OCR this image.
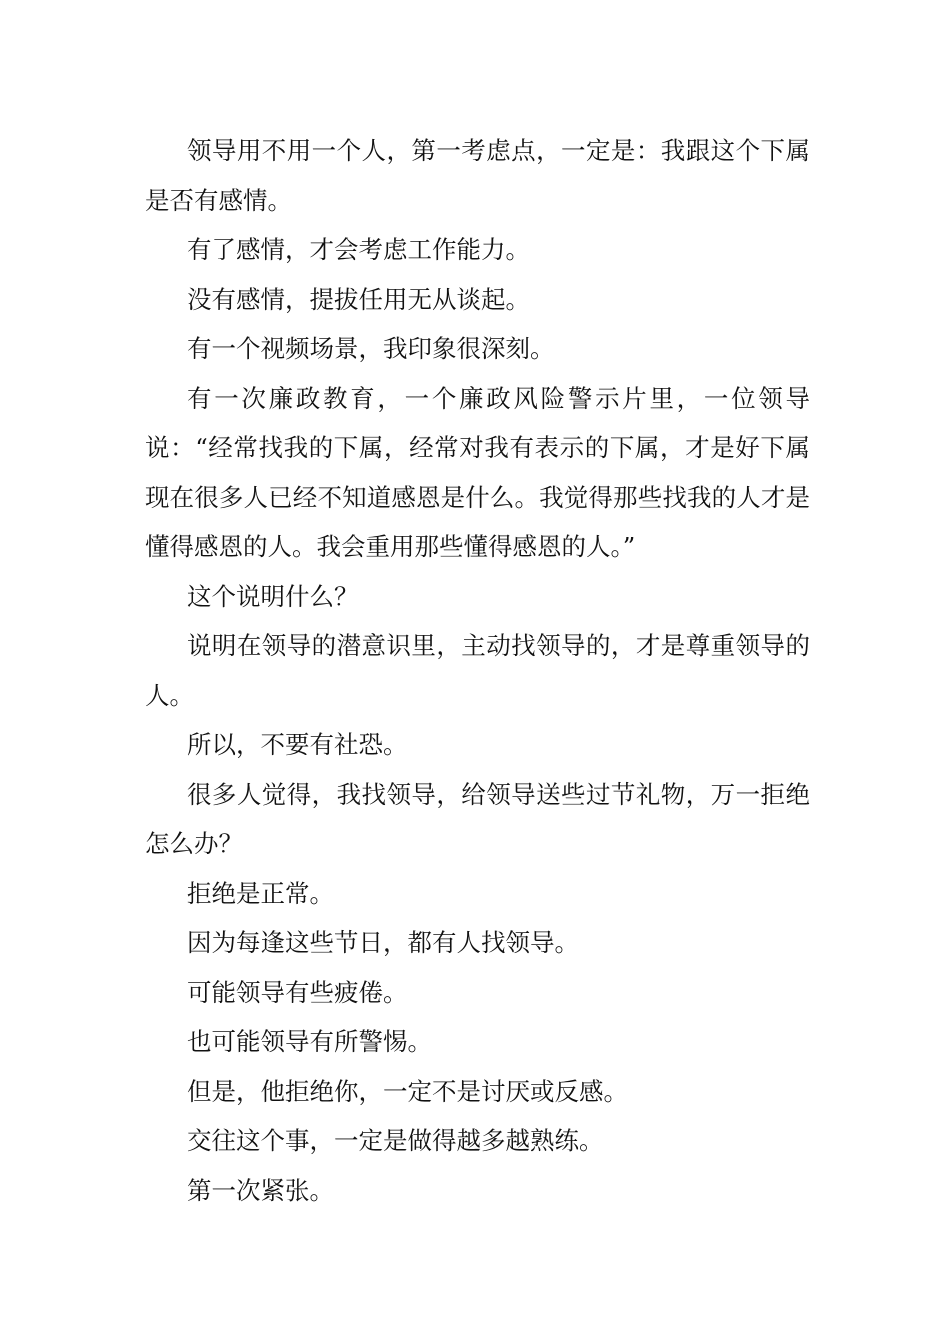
领导用不用一个人，第一考虑点，一定是：我跟这个下属是否有感情。

有了感情，才会考虑工作能力。

没有感情，提拔任用无从谈起。

有一个视频场景，我印象很深刻。

有一次廉政教育，一个廉政风险警示片里，一位领导说：“经常找我的下属，经常对我有表示的下属，才是好下属现在很多人已经不知道感恩是什么。我觉得那些找我的人才是懂得感恩的人。我会重用那些懂得感恩的人。”

这个说明什么？

说明在领导的潜意识里，主动找领导的，才是尊重领导的人。

所以，不要有社恐。

很多人觉得，我找领导，给领导送些过节礼物，万一拒绝怎么办？

拒绝是正常。

因为每逢这些节日，都有人找领导。

可能领导有些疲倦。

也可能领导有所警惕。

但是，他拒绝你，一定不是讨厌或反感。

交往这个事，一定是做得越多越熟练。

第一次紧张。
